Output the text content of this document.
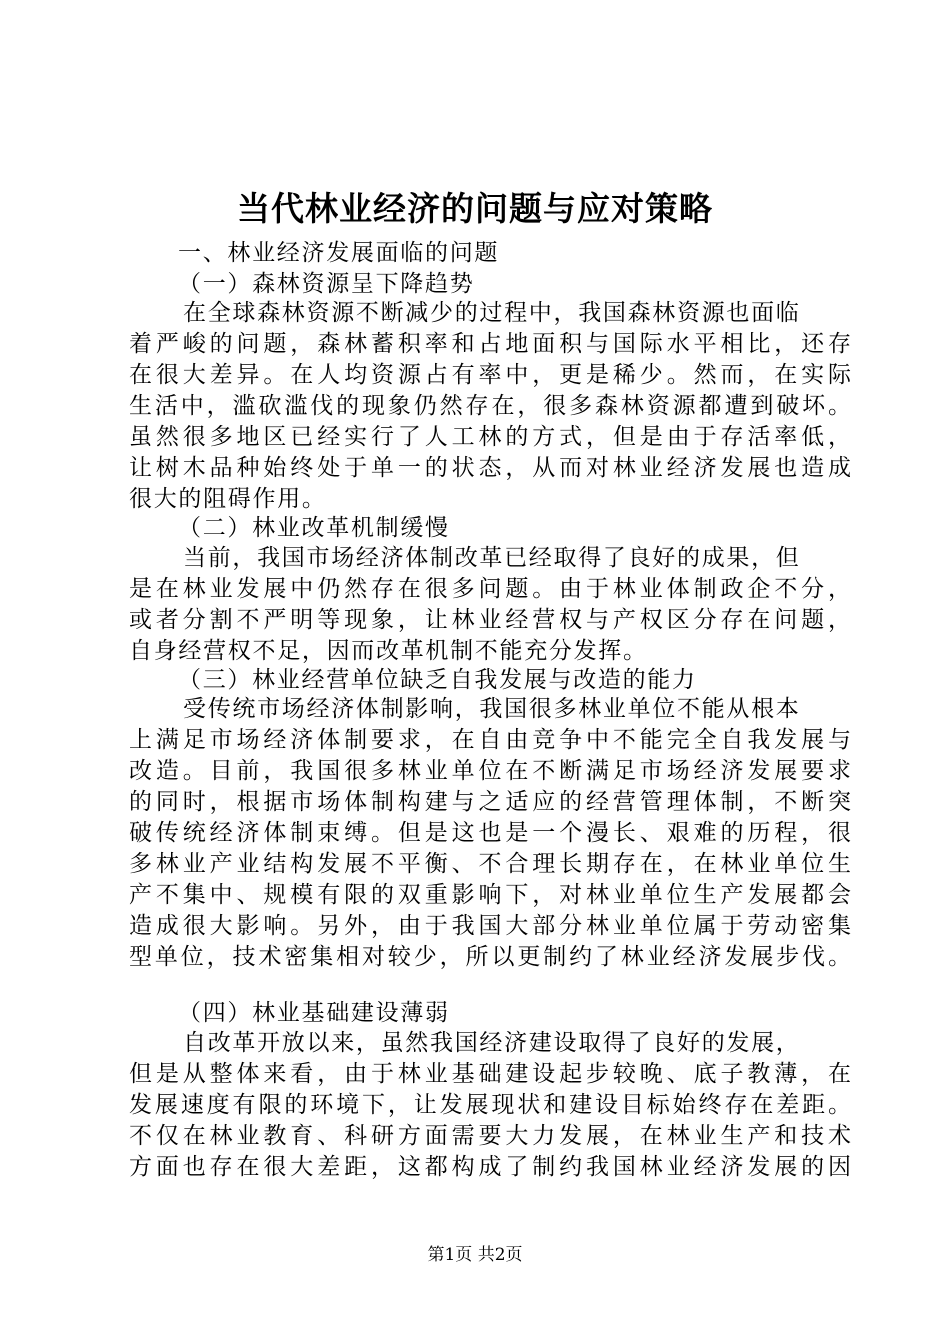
当代林业经济的问题与应对策略
一、林业经济发展面临的问题
（一）森林资源呈下降趋势
在全球森林资源不断减少的过程中，我国森林资源也面临
着严峻的问题，森林蓄积率和占地面积与国际水平相比，还存
在很大差异。在人均资源占有率中，更是稀少。然而，在实际
生活中，滥砍滥伐的现象仍然存在，很多森林资源都遭到破坏。
虽然很多地区已经实行了人工林的方式，但是由于存活率低，
让树木品种始终处于单一的状态，从而对林业经济发展也造成
很大的阻碍作用。
（二）林业改革机制缓慢
当前，我国市场经济体制改革已经取得了良好的成果，但
是在林业发展中仍然存在很多问题。由于林业体制政企不分，
或者分割不严明等现象，让林业经营权与产权区分存在问题，
自身经营权不足，因而改革机制不能充分发挥。
（三）林业经营单位缺乏自我发展与改造的能力
受传统市场经济体制影响，我国很多林业单位不能从根本
上满足市场经济体制要求，在自由竞争中不能完全自我发展与
改造。目前，我国很多林业单位在不断满足市场经济发展要求
的同时，根据市场体制构建与之适应的经营管理体制，不断突
破传统经济体制束缚。但是这也是一个漫长、艰难的历程，很
多林业产业结构发展不平衡、不合理长期存在，在林业单位生
产不集中、规模有限的双重影响下，对林业单位生产发展都会
造成很大影响。另外，由于我国大部分林业单位属于劳动密集
型单位，技术密集相对较少，所以更制约了林业经济发展步伐。
（四）林业基础建设薄弱
自改革开放以来，虽然我国经济建设取得了良好的发展，
但是从整体来看，由于林业基础建设起步较晚、底子教薄，在
发展速度有限的环境下，让发展现状和建设目标始终存在差距。
不仅在林业教育、科研方面需要大力发展，在林业生产和技术
方面也存在很大差距，这都构成了制约我国林业经济发展的因
第1页 共2页
